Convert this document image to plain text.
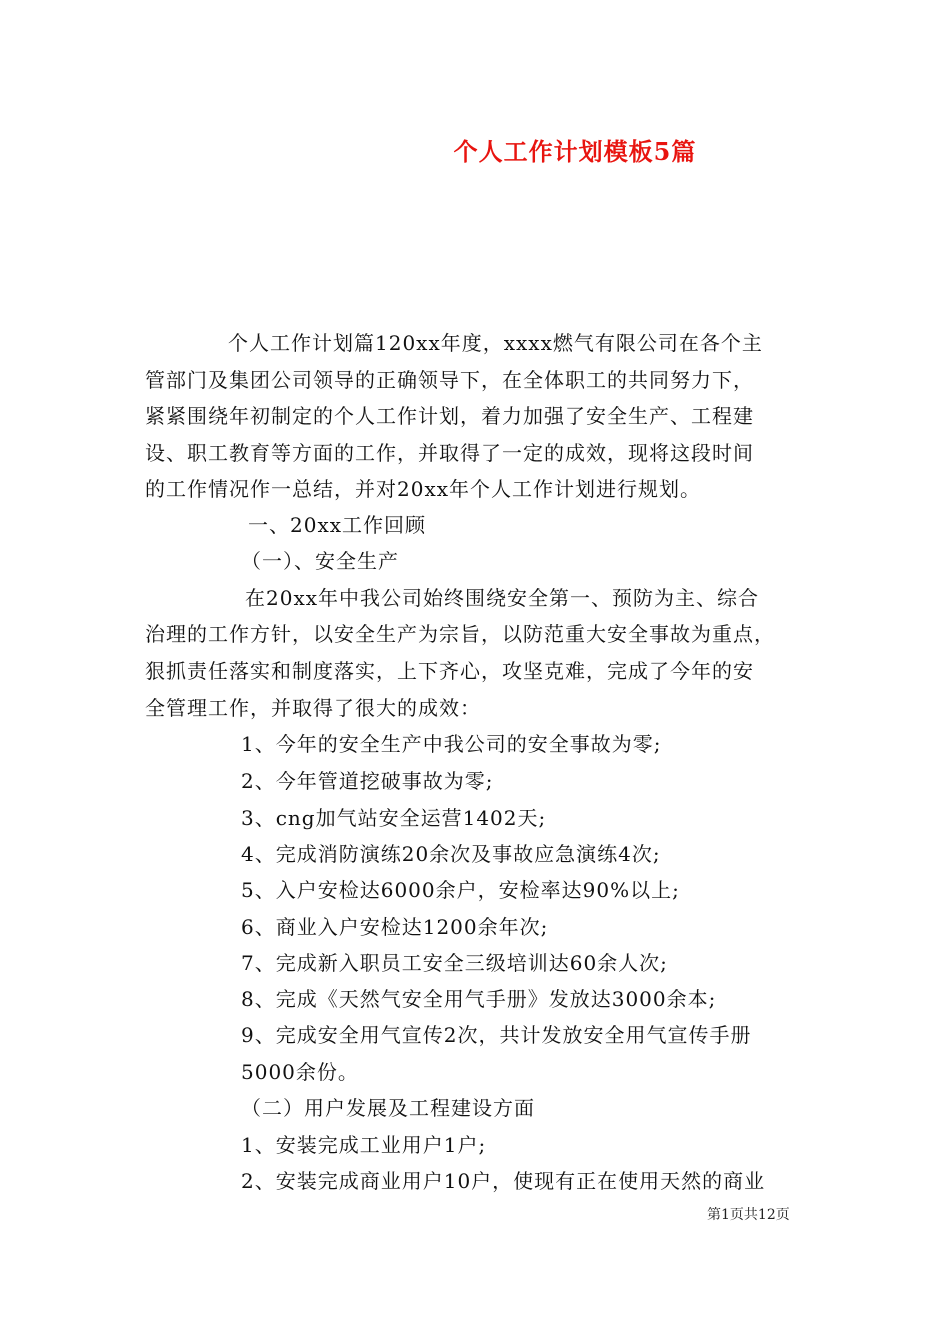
个人工作计划模板5篇
个人工作计划篇120xx年度，xxxx燃气有限公司在各个主
管部门及集团公司领导的正确领导下，在全体职工的共同努力下，
紧紧围绕年初制定的个人工作计划，着力加强了安全生产、工程建
设、职工教育等方面的工作，并取得了一定的成效，现将这段时间
的工作情况作一总结，并对20xx年个人工作计划进行规划。
一、20xx工作回顾
（一）、安全生产
在20xx年中我公司始终围绕安全第一、预防为主、综合
治理的工作方针，以安全生产为宗旨，以防范重大安全事故为重点，
狠抓责任落实和制度落实，上下齐心，攻坚克难，完成了今年的安
全管理工作，并取得了很大的成效：
1、今年的安全生产中我公司的安全事故为零;
2、今年管道挖破事故为零;
3、cng加气站安全运营1402天;
4、完成消防演练20余次及事故应急演练4次;
5、入户安检达6000余户，安检率达90%以上;
6、商业入户安检达1200余年次;
7、完成新入职员工安全三级培训达60余人次;
8、完成《天然气安全用气手册》发放达3000余本;
9、完成安全用气宣传2次，共计发放安全用气宣传手册
5000余份。
（二）用户发展及工程建设方面
1、安装完成工业用户1户;
2、安装完成商业用户10户，使现有正在使用天然的商业
第1页共12页
